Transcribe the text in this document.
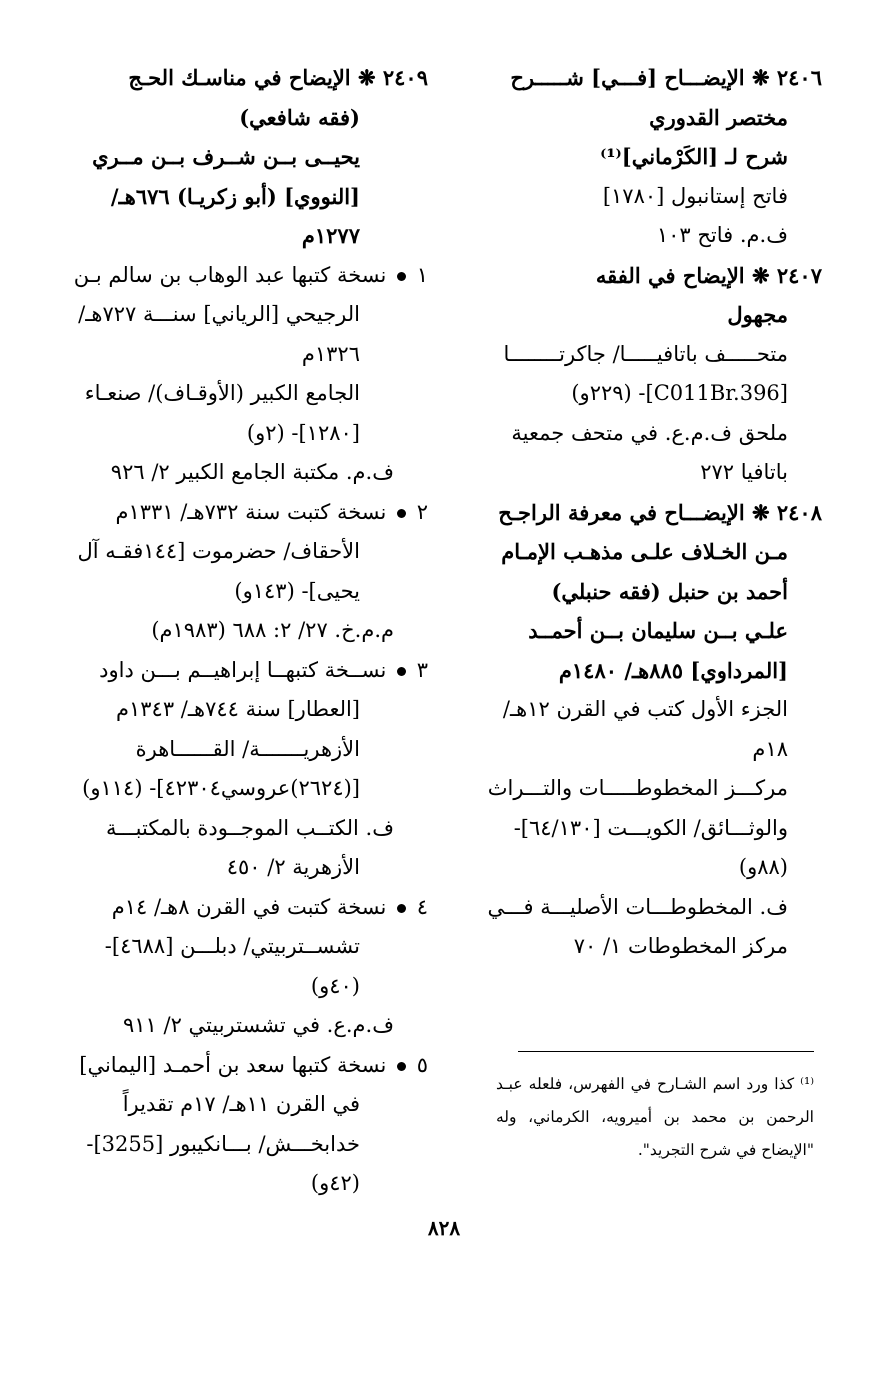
٢٤٠٦ ❋ الإيضـــاح [فـــي] شـــــرح
مختصر القدوري
شرح لـ [الكَرْماني]⁽¹⁾
فاتح إستانبول [١٧٨٠]
ف.م. فاتح ١٠٣
٢٤٠٧ ❋ الإيضاح في الفقه
مجهول
متحـــــف باتافيـــــا/ جاكرتــــــــا
[C011Br.396]- (٢٢٩و)
ملحق ف.م.ع. في متحف جمعية
باتافيا ٢٧٢
٢٤٠٨ ❋ الإيضـــاح في معرفة الراجـح
مـن الخـلاف علـى مذهـب الإمـام
أحمد بن حنبل (فقه حنبلي)
علـي بــن سليمان بــن أحمــد
[المرداوي] ٨٨٥هـ/ ١٤٨٠م
الجزء الأول كتب في القرن ١٢هـ/
١٨م
مركـــز المخطوطـــــات والتـــراث
والوثـــائق/ الكويـــت [٦٤/١٣٠]-
(٨٨و)
ف. المخطوطـــات الأصليـــة فـــي
مركز المخطوطات ١/ ٧٠
٢٤٠٩ ❋ الإيضاح في مناسـك الحـج
(فقه شافعي)
يحيــى بــن شــرف بــن مــري
[النووي] (أبو زكريـا) ٦٧٦هـ/
١٢٧٧م
١  نسخة كتبها عبد الوهاب بن سالم بـن
الرجيحي [الرياني] سنـــة ٧٢٧هـ/
١٣٢٦م
الجامع الكبير (الأوقـاف)/ صنعـاء
[١٢٨٠]- (٢و)
ف.م. مكتبة الجامع الكبير ٢/ ٩٢٦
٢  نسخة كتبت سنة ٧٣٢هـ/ ١٣٣١م
الأحقاف/ حضرموت [١٤٤فقـه آل
يحيى]- (١٤٣و)
م.م.خ. ٢٧/ ٢: ٦٨٨ (١٩٨٣م)
٣  نســخة كتبهــا إبراهيــم بـــن داود
[العطار] سنة ٧٤٤هـ/ ١٣٤٣م
الأزهريـــــــة/ القــــــاهرة
[(٢٦٢٤)عروسي٤٢٣٠٤]- (١١٤و)
ف. الكتــب الموجــودة بالمكتبـــة
الأزهرية ٢/ ٤٥٠
٤  نسخة كتبت في القرن ٨هـ/ ١٤م
تشســتربيتي/ دبلـــن [٤٦٨٨]-
(٤٠و)
ف.م.ع. في تشستربيتي ٢/ ٩١١
٥  نسخة كتبها سعد بن أحمـد [اليماني]
في القرن ١١هـ/ ١٧م تقديراً
خدابخـــش/ بـــانكيبور [3255]-
(٤٢و)
⁽¹⁾ كذا ورد اسم الشـارح في الفهرس، فلعله عبـد
الرحمن بن محمد بن أميرويه، الكرماني، وله
"الإيضاح في شرح التجريد".
٨٢٨
